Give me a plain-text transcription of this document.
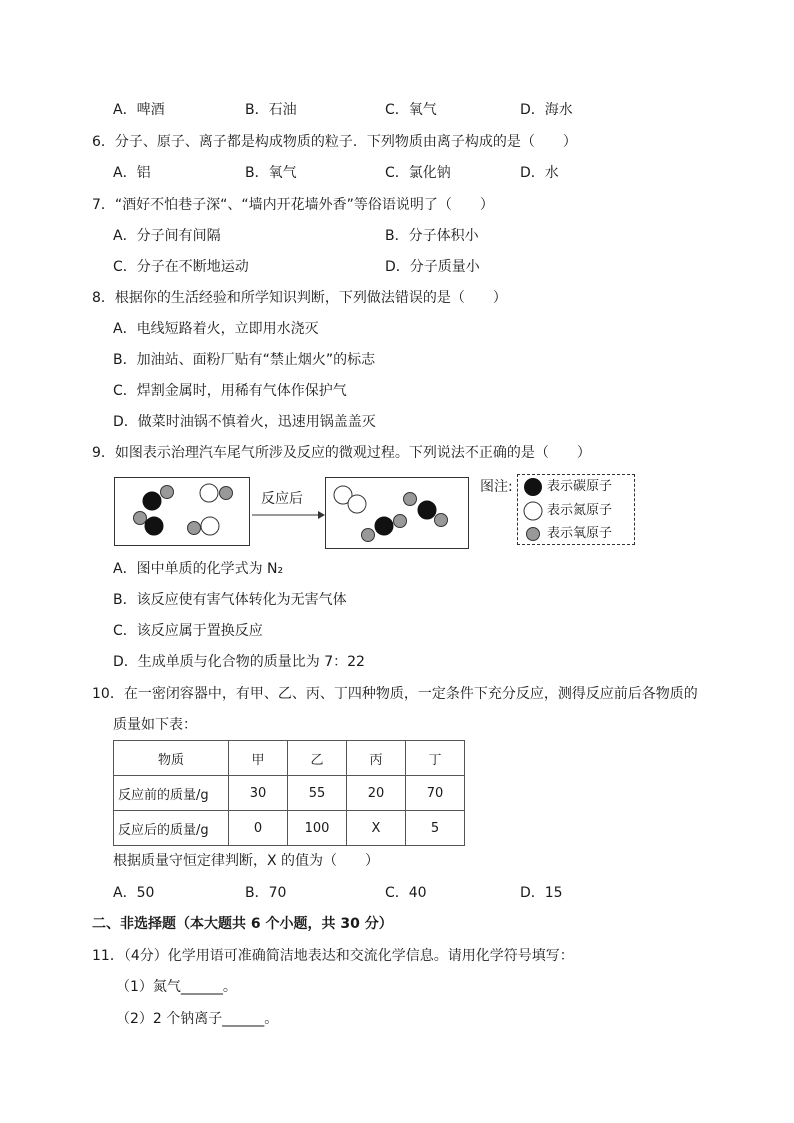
A．啤酒	B．石油	C．氧气	D．海水
6．分子、原子、离子都是构成物质的粒子．下列物质由离子构成的是（　　）
A．铝	B．氧气	C．氯化钠	D．水
7．“酒好不怕巷子深“、“墙内开花墙外香”等俗语说明了（　　）
A．分子间有间隔	B．分子体积小
C．分子在不断地运动	D．分子质量小
8．根据你的生活经验和所学知识判断，下列做法错误的是（　　）
A．电线短路着火，立即用水浇灭
B．加油站、面粉厂贴有“禁止烟火”的标志
C．焊割金属时，用稀有气体作保护气
D．做菜时油锅不慎着火，迅速用锅盖盖灭
9．如图表示治理汽车尾气所涉及反应的微观过程。下列说法不正确的是（　　）
反应后
图注:	表示碳原子
表示氮原子
表示氧原子
A．图中单质的化学式为 N₂
B．该反应使有害气体转化为无害气体
C．该反应属于置换反应
D．生成单质与化合物的质量比为 7：22
10．在一密闭容器中，有甲、乙、丙、丁四种物质，一定条件下充分反应，测得反应前后各物质的
质量如下表：
物质	甲	乙	丙	丁
反应前的质量/g	30	55	20	70
反应后的质量/g	0	100	X	5
根据质量守恒定律判断，X 的值为（　　）
A．50	B．70	C．40	D．15
二、非选择题（本大题共 6 个小题，共 30 分）
11．（4分）化学用语可准确简洁地表达和交流化学信息。请用化学符号填写：
（1）氮气______。
（2）2 个钠离子______。
